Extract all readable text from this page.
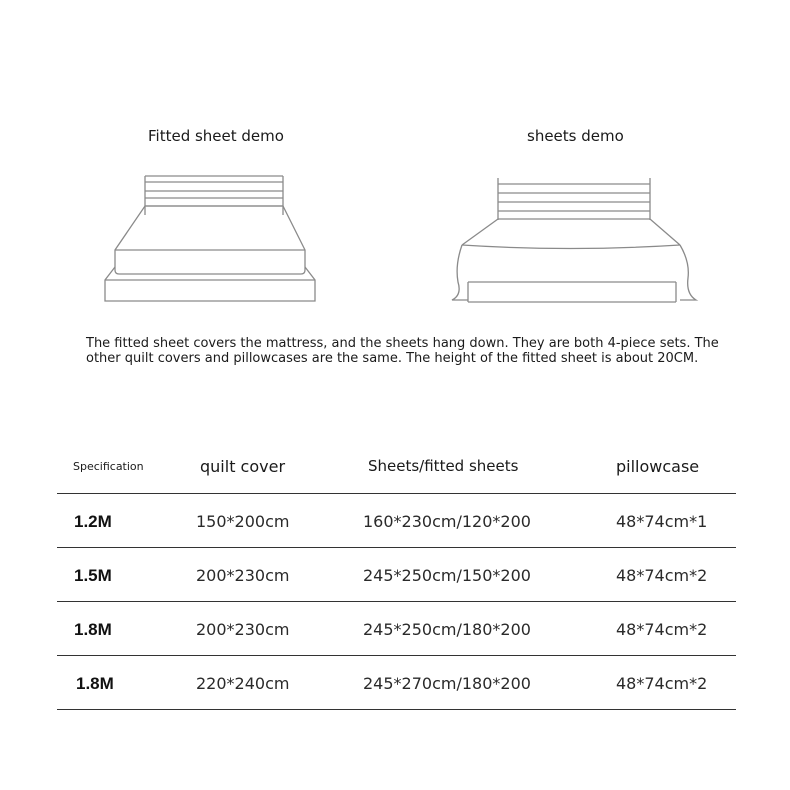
Fitted sheet demo	sheets demo
The fitted sheet covers the mattress, and the sheets hang down. They are both 4-piece sets. The other quilt covers and pillowcases are the same. The height of the fitted sheet is about 20CM.
Specification	quilt cover	Sheets/fitted sheets	pillowcase
1.2M	150*200cm	160*230cm/120*200	48*74cm*1
1.5M	200*230cm	245*250cm/150*200	48*74cm*2
1.8M	200*230cm	245*250cm/180*200	48*74cm*2
1.8M	220*240cm	245*270cm/180*200	48*74cm*2
